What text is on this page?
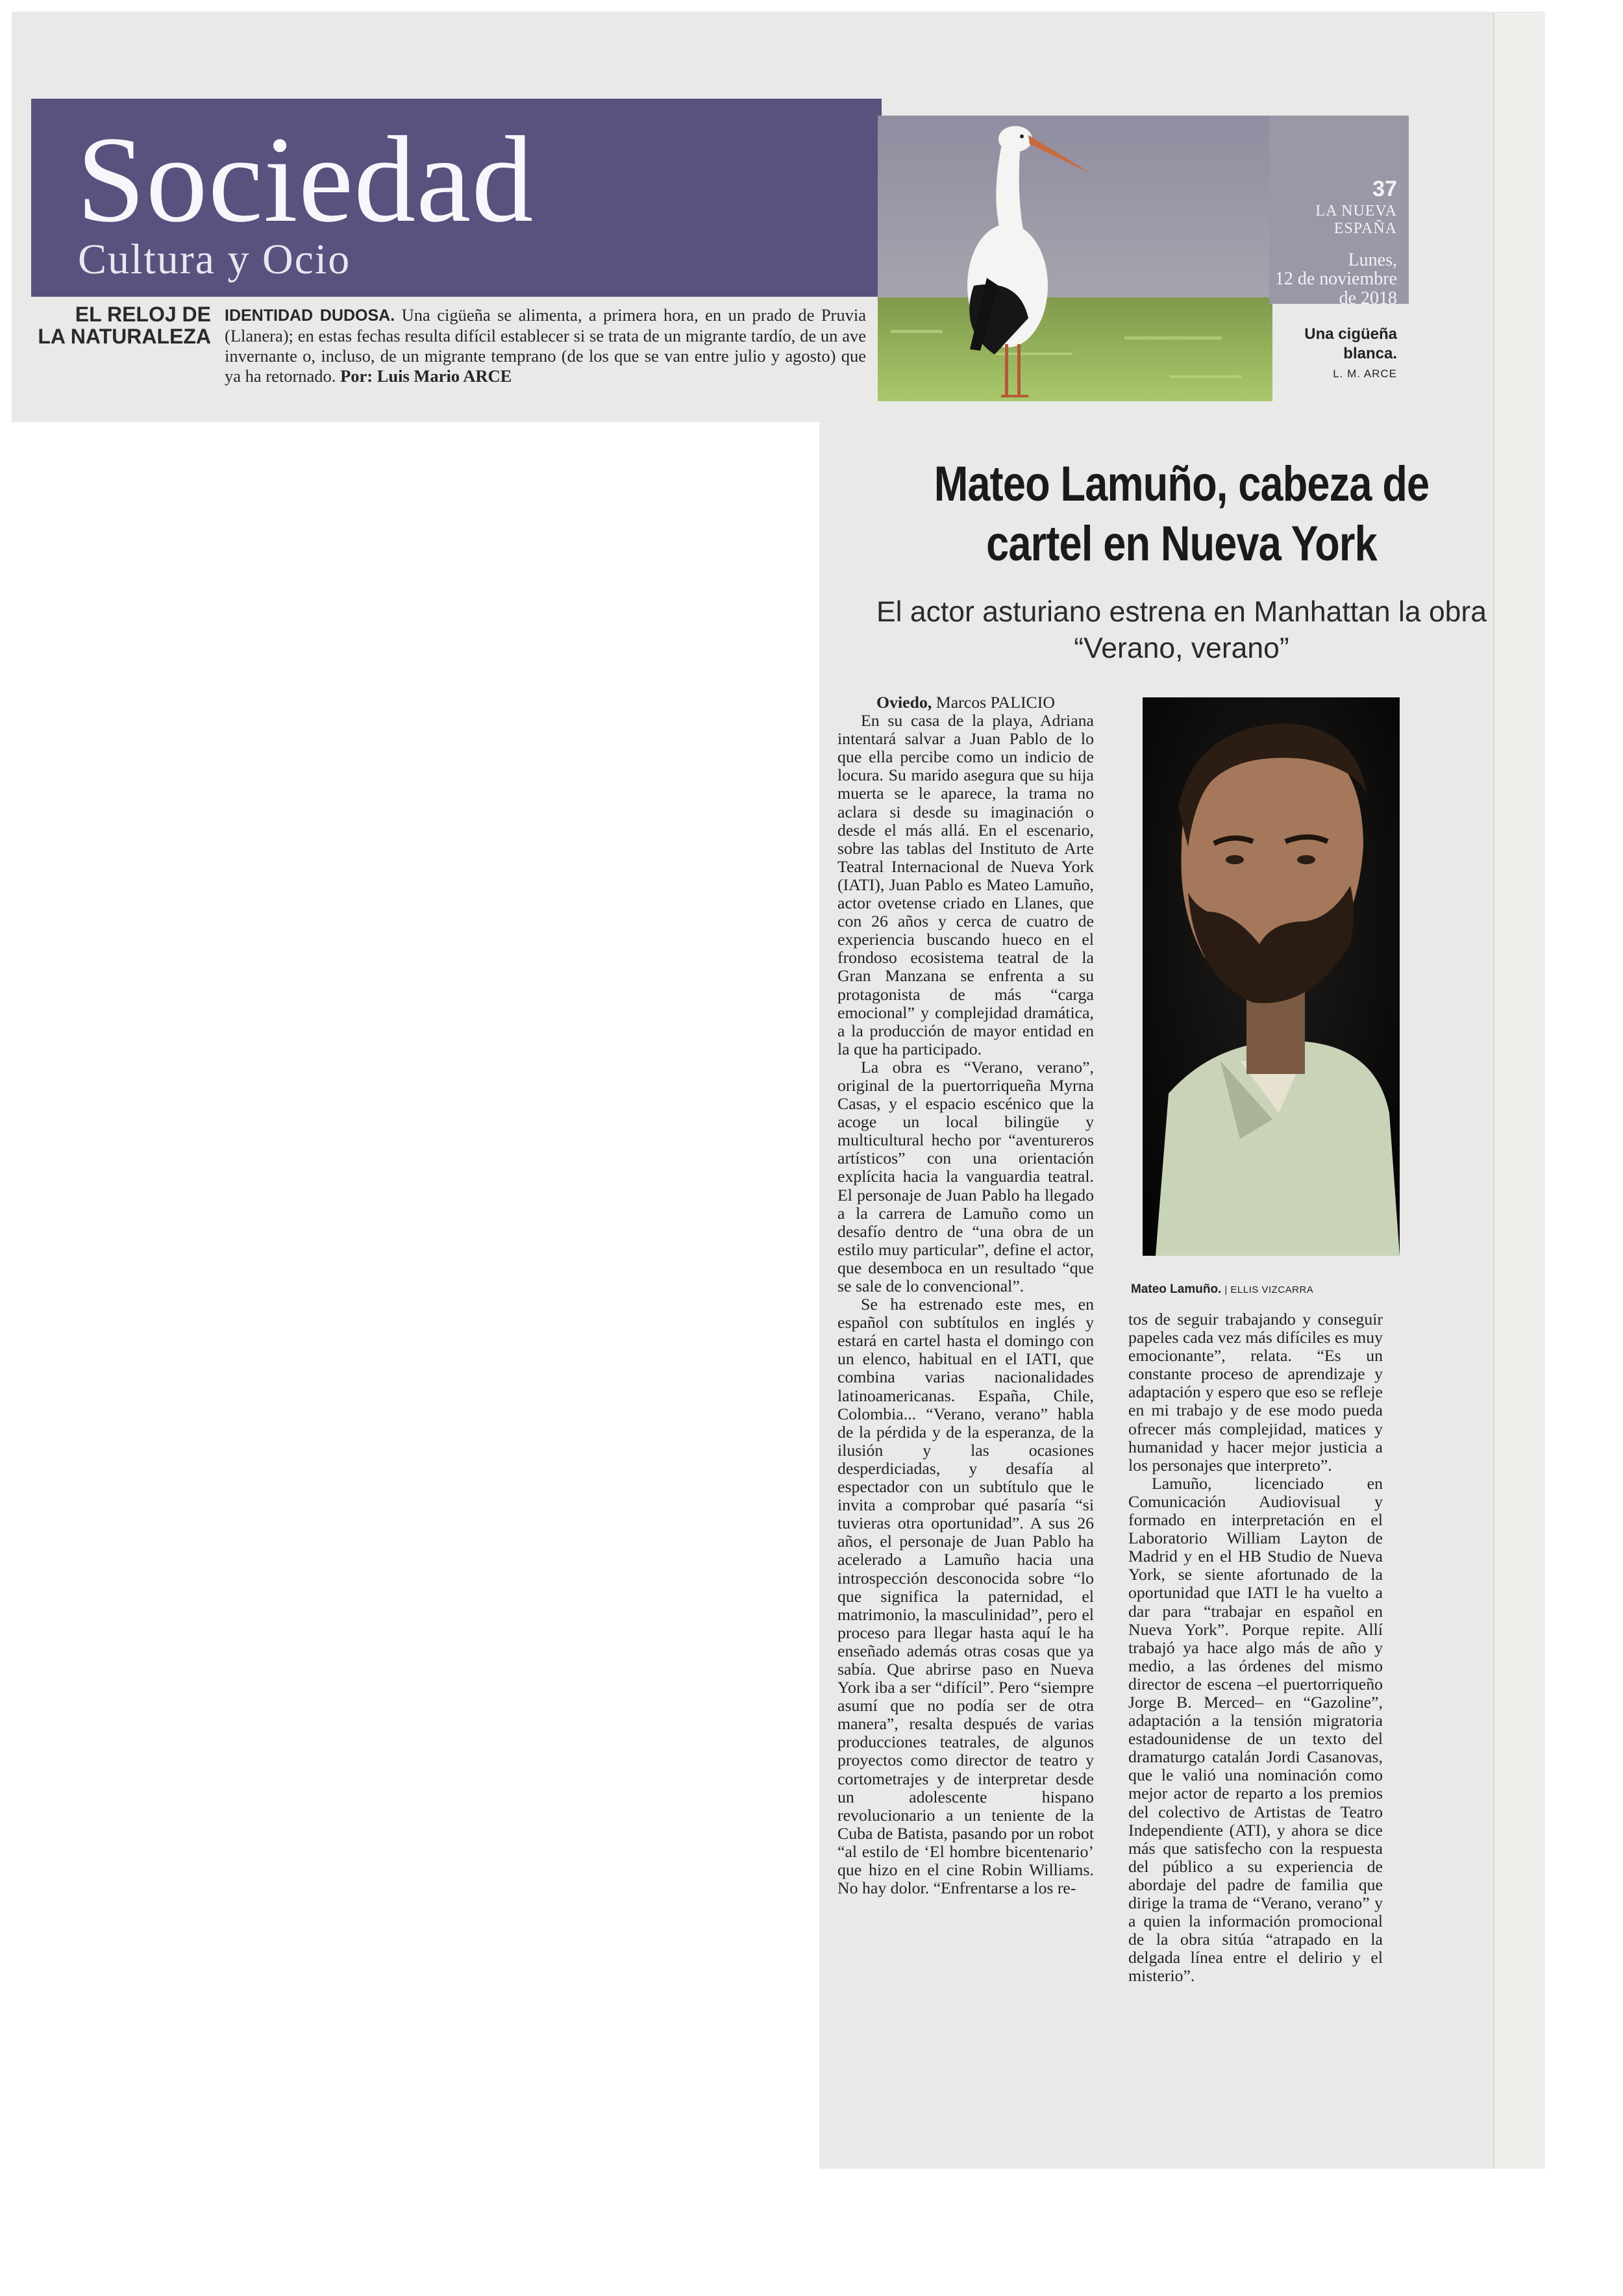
Sociedad
Cultura y Ocio
37
LA NUEVA ESPAÑA
Lunes,
12 de noviembre
de 2018
Una cigüeña blanca.
L. M. ARCE
EL RELOJ DE
LA NATURALEZA
IDENTIDAD DUDOSA. Una cigüeña se alimenta, a primera hora, en un prado de Pruvia (Llanera); en estas fechas resulta difícil establecer si se trata de un migrante tardío, de un ave invernante o, incluso, de un migrante temprano (de los que se van entre julio y agosto) que ya ha retornado. Por: Luis Mario ARCE
Mateo Lamuño, cabeza de cartel en Nueva York
El actor asturiano estrena en Manhattan la obra “Verano, verano”

Oviedo, Marcos PALICIO

En su casa de la playa, Adriana intentará salvar a Juan Pablo de lo que ella percibe como un indicio de locura. Su marido asegura que su hija muerta se le aparece, la trama no aclara si desde su imaginación o desde el más allá. En el escenario, sobre las tablas del Instituto de Arte Teatral Internacional de Nueva York (IATI), Juan Pablo es Mateo Lamuño, actor ovetense criado en Llanes, que con 26 años y cerca de cuatro de experiencia buscando hueco en el frondoso ecosistema teatral de la Gran Manzana se enfrenta a su protagonista de más “carga emocional” y complejidad dramática, a la producción de mayor entidad en la que ha participado.

La obra es “Verano, verano”, original de la puertorriqueña Myrna Casas, y el espacio escénico que la acoge un local bilingüe y multicultural hecho por “aventureros artísticos” con una orientación explícita hacia la vanguardia teatral. El personaje de Juan Pablo ha llegado a la carrera de Lamuño como un desafío dentro de “una obra de un estilo muy particular”, define el actor, que desemboca en un resultado “que se sale de lo convencional”.

Se ha estrenado este mes, en español con subtítulos en inglés y estará en cartel hasta el domingo con un elenco, habitual en el IATI, que combina varias nacionalidades latinoamericanas. España, Chile, Colombia... “Verano, verano” habla de la pérdida y de la esperanza, de la ilusión y las ocasiones desperdiciadas, y desafía al espectador con un subtítulo que le invita a comprobar qué pasaría “si tuvieras otra oportunidad”. A sus 26 años, el personaje de Juan Pablo ha acelerado a Lamuño hacia una introspección desconocida sobre “lo que significa la paternidad, el matrimonio, la masculinidad”, pero el proceso para llegar hasta aquí le ha enseñado además otras cosas que ya sabía. Que abrirse paso en Nueva York iba a ser “difícil”. Pero “siempre asumí que no podía ser de otra manera”, resalta después de varias producciones teatrales, de algunos proyectos como director de teatro y cortometrajes y de interpretar desde un adolescente hispano revolucionario a un teniente de la Cuba de Batista, pasando por un robot “al estilo de ‘El hombre bicentenario’ que hizo en el cine Robin Williams. No hay dolor. “Enfrentarse a los re-

Mateo Lamuño. | ELLIS VIZCARRA

tos de seguir trabajando y conseguir papeles cada vez más difíciles es muy emocionante”, relata. “Es un constante proceso de aprendizaje y adaptación y espero que eso se refleje en mi trabajo y de ese modo pueda ofrecer más complejidad, matices y humanidad y hacer mejor justicia a los personajes que interpreto”.

Lamuño, licenciado en Comunicación Audiovisual y formado en interpretación en el Laboratorio William Layton de Madrid y en el HB Studio de Nueva York, se siente afortunado de la oportunidad que IATI le ha vuelto a dar para “trabajar en español en Nueva York”. Porque repite. Allí trabajó ya hace algo más de año y medio, a las órdenes del mismo director de escena –el puertorriqueño Jorge B. Merced– en “Gazoline”, adaptación a la tensión migratoria estadounidense de un texto del dramaturgo catalán Jordi Casanovas, que le valió una nominación como mejor actor de reparto a los premios del colectivo de Artistas de Teatro Independiente (ATI), y ahora se dice más que satisfecho con la respuesta del público a su experiencia de abordaje del padre de familia que dirige la trama de “Verano, verano” y a quien la información promocional de la obra sitúa “atrapado en la delgada línea entre el delirio y el misterio”.
